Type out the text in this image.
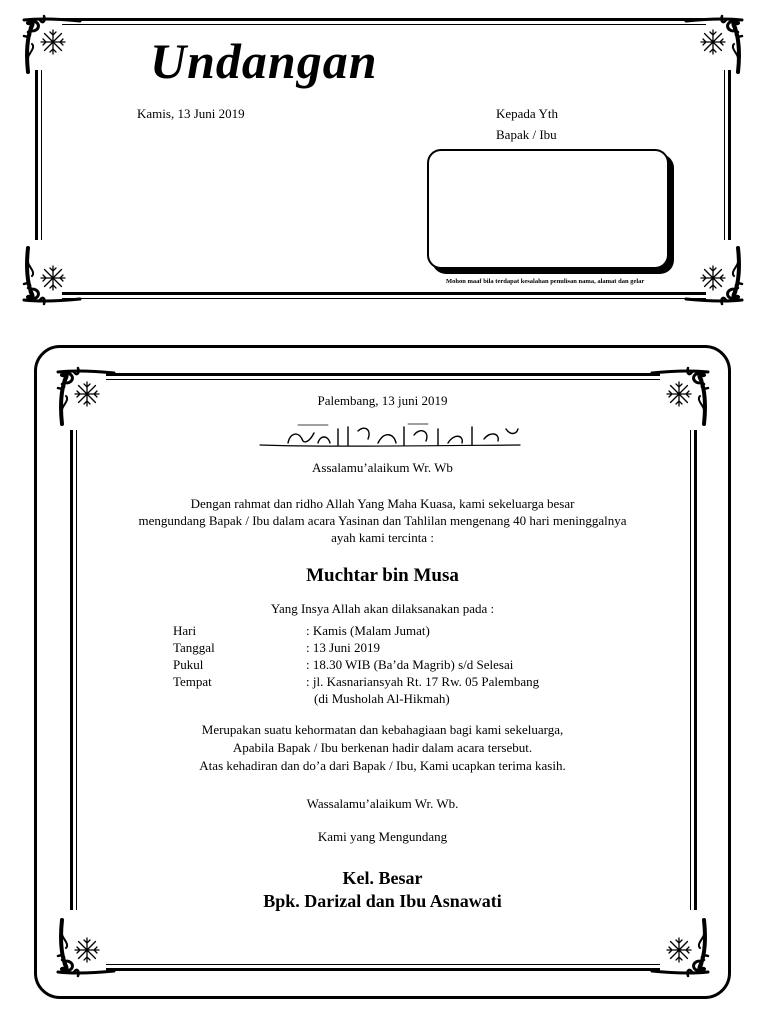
Undangan
Kamis, 13 Juni 2019	Kepada Yth
Bapak / Ibu
Mohon maaf bila terdapat kesalahan penulisan nama, alamat dan gelar
Palembang, 13 juni 2019
Assalamu’alaikum Wr. Wb
Dengan rahmat dan ridho Allah Yang Maha Kuasa, kami sekeluarga besar
mengundang Bapak / Ibu dalam acara Yasinan dan Tahlilan mengenang 40 hari meninggalnya
ayah kami tercinta :
Muchtar bin Musa
Yang Insya Allah akan dilaksanakan pada :
Hari	: Kamis (Malam Jumat)
Tanggal	: 13 Juni 2019
Pukul	: 18.30 WIB (Ba’da Magrib) s/d Selesai
Tempat	: jl. Kasnariansyah Rt. 17 Rw. 05 Palembang
(di Musholah Al-Hikmah)
Merupakan suatu kehormatan dan kebahagiaan bagi kami sekeluarga,
Apabila Bapak / Ibu berkenan hadir dalam acara tersebut.
Atas kehadiran dan do’a dari Bapak / Ibu, Kami ucapkan terima kasih.
Wassalamu’alaikum Wr. Wb.
Kami yang Mengundang
Kel. Besar
Bpk. Darizal dan Ibu Asnawati
